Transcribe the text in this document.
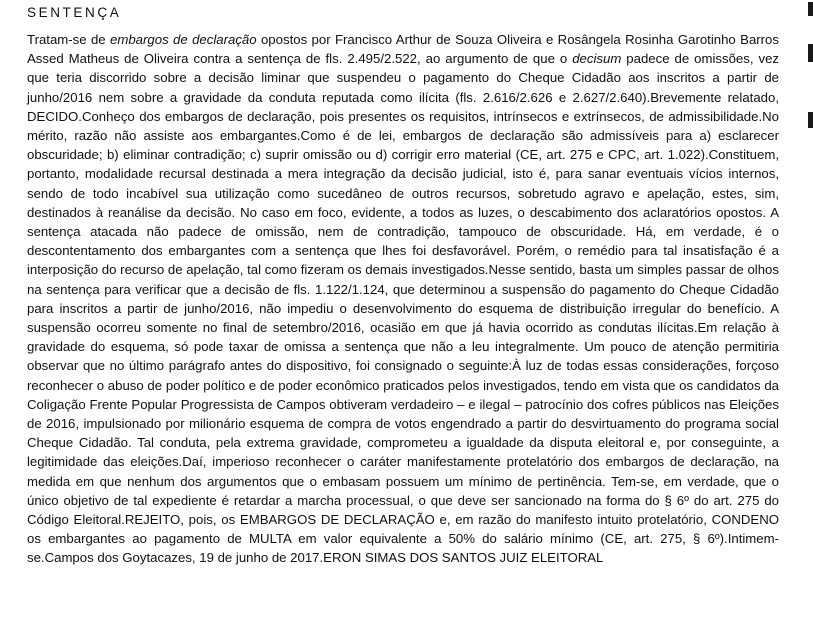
SENTENÇA

Tratam-se de embargos de declaração opostos por Francisco Arthur de Souza Oliveira e Rosângela Rosinha Garotinho Barros Assed Matheus de Oliveira contra a sentença de fls. 2.495/2.522, ao argumento de que o decisum padece de omissões, vez que teria discorrido sobre a decisão liminar que suspendeu o pagamento do Cheque Cidadão aos inscritos a partir de junho/2016 nem sobre a gravidade da conduta reputada como ilícita (fls. 2.616/2.626 e 2.627/2.640).Brevemente relatado, DECIDO.Conheço dos embargos de declaração, pois presentes os requisitos, intrínsecos e extrínsecos, de admissibilidade.No mérito, razão não assiste aos embargantes.Como é de lei, embargos de declaração são admissíveis para a) esclarecer obscuridade; b) eliminar contradição; c) suprir omissão ou d) corrigir erro material (CE, art. 275 e CPC, art. 1.022).Constituem, portanto, modalidade recursal destinada a mera integração da decisão judicial, isto é, para sanar eventuais vícios internos, sendo de todo incabível sua utilização como sucedâneo de outros recursos, sobretudo agravo e apelação, estes, sim, destinados à reanálise da decisão. No caso em foco, evidente, a todos as luzes, o descabimento dos aclaratórios opostos. A sentença atacada não padece de omissão, nem de contradição, tampouco de obscuridade. Há, em verdade, é o descontentamento dos embargantes com a sentença que lhes foi desfavorável. Porém, o remédio para tal insatisfação é a interposição do recurso de apelação, tal como fizeram os demais investigados.Nesse sentido, basta um simples passar de olhos na sentença para verificar que a decisão de fls. 1.122/1.124, que determinou a suspensão do pagamento do Cheque Cidadão para inscritos a partir de junho/2016, não impediu o desenvolvimento do esquema de distribuição irregular do benefício. A suspensão ocorreu somente no final de setembro/2016, ocasião em que já havia ocorrido as condutas ilícitas.Em relação à gravidade do esquema, só pode taxar de omissa a sentença que não a leu integralmente. Um pouco de atenção permitiria observar que no último parágrafo antes do dispositivo, foi consignado o seguinte:À luz de todas essas considerações, forçoso reconhecer o abuso de poder político e de poder econômico praticados pelos investigados, tendo em vista que os candidatos da Coligação Frente Popular Progressista de Campos obtiveram verdadeiro – e ilegal – patrocínio dos cofres públicos nas Eleições de 2016, impulsionado por milionário esquema de compra de votos engendrado a partir do desvirtuamento do programa social Cheque Cidadão. Tal conduta, pela extrema gravidade, comprometeu a igualdade da disputa eleitoral e, por conseguinte, a legitimidade das eleições.Daí, imperioso reconhecer o caráter manifestamente protelatório dos embargos de declaração, na medida em que nenhum dos argumentos que o embasam possuem um mínimo de pertinência. Tem-se, em verdade, que o único objetivo de tal expediente é retardar a marcha processual, o que deve ser sancionado na forma do § 6º do art. 275 do Código Eleitoral.REJEITO, pois, os EMBARGOS DE DECLARAÇÃO e, em razão do manifesto intuito protelatório, CONDENO os embargantes ao pagamento de MULTA em valor equivalente a 50% do salário mínimo (CE, art. 275, § 6º).Intimem-se.Campos dos Goytacazes, 19 de junho de 2017.ERON SIMAS DOS SANTOS JUIZ ELEITORAL
